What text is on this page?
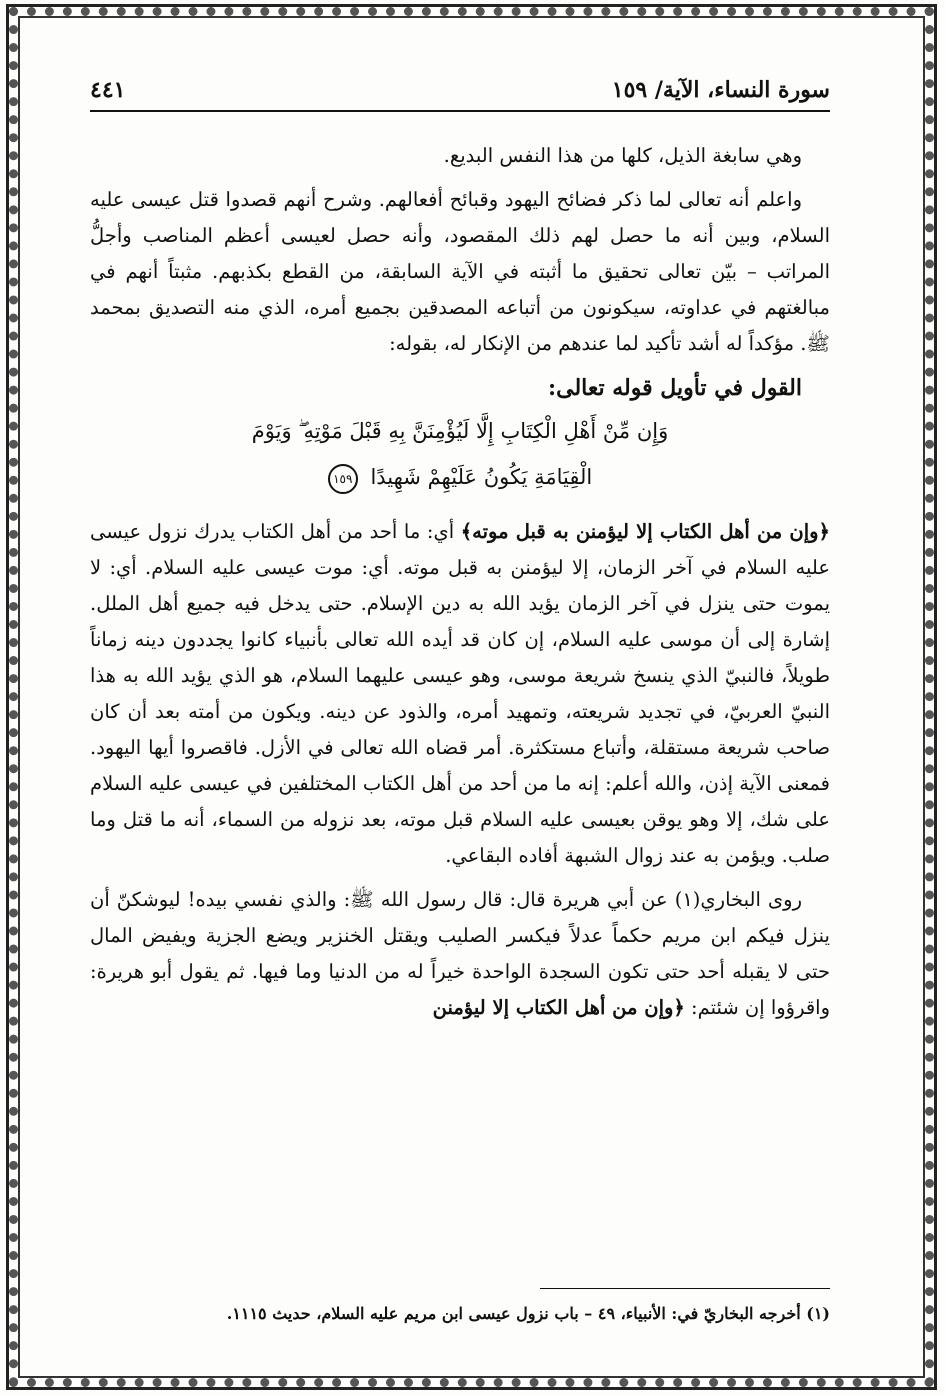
سورة النساء، الآية/ ١٥٩
٤٤١

وهي سابغة الذيل، كلها من هذا النفس البديع.

واعلم أنه تعالى لما ذكر فضائح اليهود وقبائح أفعالهم. وشرح أنهم قصدوا قتل عيسى عليه السلام، وبين أنه ما حصل لهم ذلك المقصود، وأنه حصل لعيسى أعظم المناصب وأجلُّ المراتب – بيّن تعالى تحقيق ما أثبته في الآية السابقة، من القطع بكذبهم. مثبتاً أنهم في مبالغتهم في عداوته، سيكونون من أتباعه المصدقين بجميع أمره، الذي منه التصديق بمحمد ﷺ. مؤكداً له أشد تأكيد لما عندهم من الإنكار له، بقوله:

القول في تأويل قوله تعالى:

وَإِن مِّنْ أَهْلِ الْكِتَابِ إِلَّا لَيُؤْمِنَنَّ بِهِ قَبْلَ مَوْتِهِ ۖ وَيَوْمَ
الْقِيَامَةِ يَكُونُ عَلَيْهِمْ شَهِيدًا ١٥٩

﴿وإن من أهل الكتاب إلا ليؤمنن به قبل موته﴾ أي: ما أحد من أهل الكتاب يدرك نزول عيسى عليه السلام في آخر الزمان، إلا ليؤمنن به قبل موته. أي: موت عيسى عليه السلام. أي: لا يموت حتى ينزل في آخر الزمان يؤيد الله به دين الإسلام. حتى يدخل فيه جميع أهل الملل. إشارة إلى أن موسى عليه السلام، إن كان قد أيده الله تعالى بأنبياء كانوا يجددون دينه زماناً طويلاً، فالنبيّ الذي ينسخ شريعة موسى، وهو عيسى عليهما السلام، هو الذي يؤيد الله به هذا النبيّ العربيّ، في تجديد شريعته، وتمهيد أمره، والذود عن دينه. ويكون من أمته بعد أن كان صاحب شريعة مستقلة، وأتباع مستكثرة. أمر قضاه الله تعالى في الأزل. فاقصروا أيها اليهود. فمعنى الآية إذن، والله أعلم: إنه ما من أحد من أهل الكتاب المختلفين في عيسى عليه السلام على شك، إلا وهو يوقن بعيسى عليه السلام قبل موته، بعد نزوله من السماء، أنه ما قتل وما صلب. ويؤمن به عند زوال الشبهة أفاده البقاعي.

روى البخاري(١) عن أبي هريرة قال: قال رسول الله ﷺ: والذي نفسي بيده! ليوشكنّ أن ينزل فيكم ابن مريم حكماً عدلاً فيكسر الصليب ويقتل الخنزير ويضع الجزية ويفيض المال حتى لا يقبله أحد حتى تكون السجدة الواحدة خيراً له من الدنيا وما فيها. ثم يقول أبو هريرة: واقرؤوا إن شئتم: ﴿وإن من أهل الكتاب إلا ليؤمنن

(١) أخرجه البخاريّ في: الأنبياء، ٤٩ – باب نزول عيسى ابن مريم عليه السلام، حديث ١١١٥.
